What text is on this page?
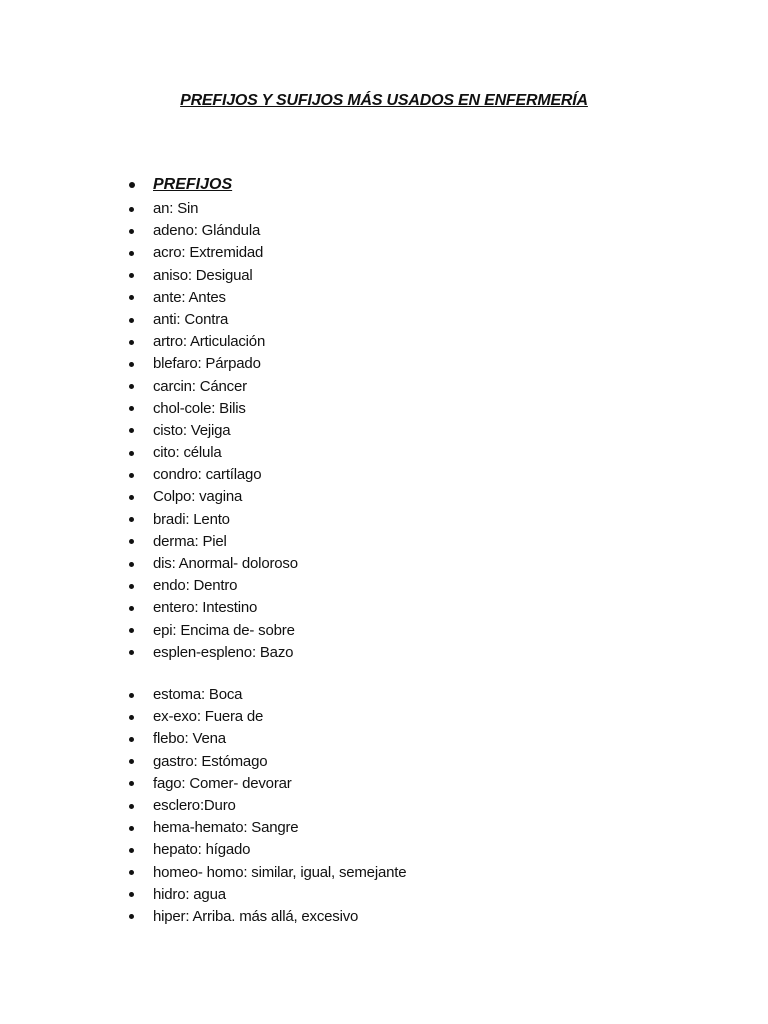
PREFIJOS Y SUFIJOS MÁS USADOS EN ENFERMERÍA
PREFIJOS
an: Sin
adeno: Glándula
acro: Extremidad
aniso: Desigual
ante: Antes
anti: Contra
artro: Articulación
blefaro: Párpado
carcin: Cáncer
chol-cole: Bilis
cisto: Vejiga
cito: célula
condro: cartílago
Colpo: vagina
bradi: Lento
derma: Piel
dis: Anormal- doloroso
endo: Dentro
entero: Intestino
epi: Encima de- sobre
esplen-espleno: Bazo
estoma: Boca
ex-exo: Fuera de
flebo: Vena
gastro: Estómago
fago: Comer- devorar
esclero:Duro
hema-hemato: Sangre
hepato: hígado
homeo- homo: similar, igual, semejante
hidro: agua
hiper: Arriba. más allá, excesivo
